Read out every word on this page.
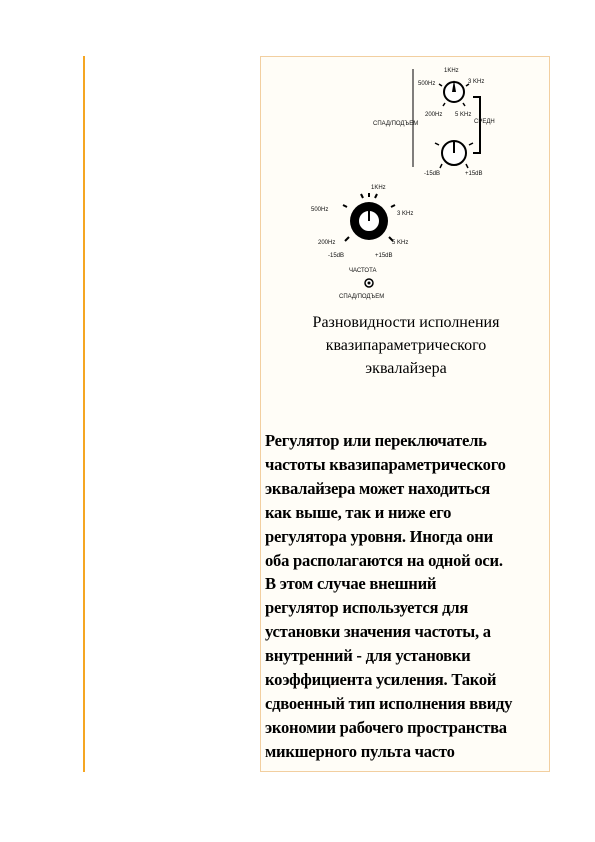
1KHz
500Hz	3 KHz
200Hz 5 KHz
СПАД/ПОДЪЕМ	СРЕДН
-15dB	+15dB
1KHz
500Hz
3 KHz
200Hz	5 KHz
-15dB	+15dB
ЧАСТОТА
СПАД/ПОДЪЕМ
Разновидности исполнения
квазипараметрического
эквалайзера
Регулятор или переключатель
частоты квазипараметрического
эквалайзера может находиться
как выше, так и ниже его
регулятора уровня. Иногда они
оба располагаются на одной оси.
В этом случае внешний
регулятор используется для
установки значения частоты, а
внутренний - для установки
коэффициента усиления. Такой
сдвоенный тип исполнения ввиду
экономии рабочего пространства
микшерного пульта часто
